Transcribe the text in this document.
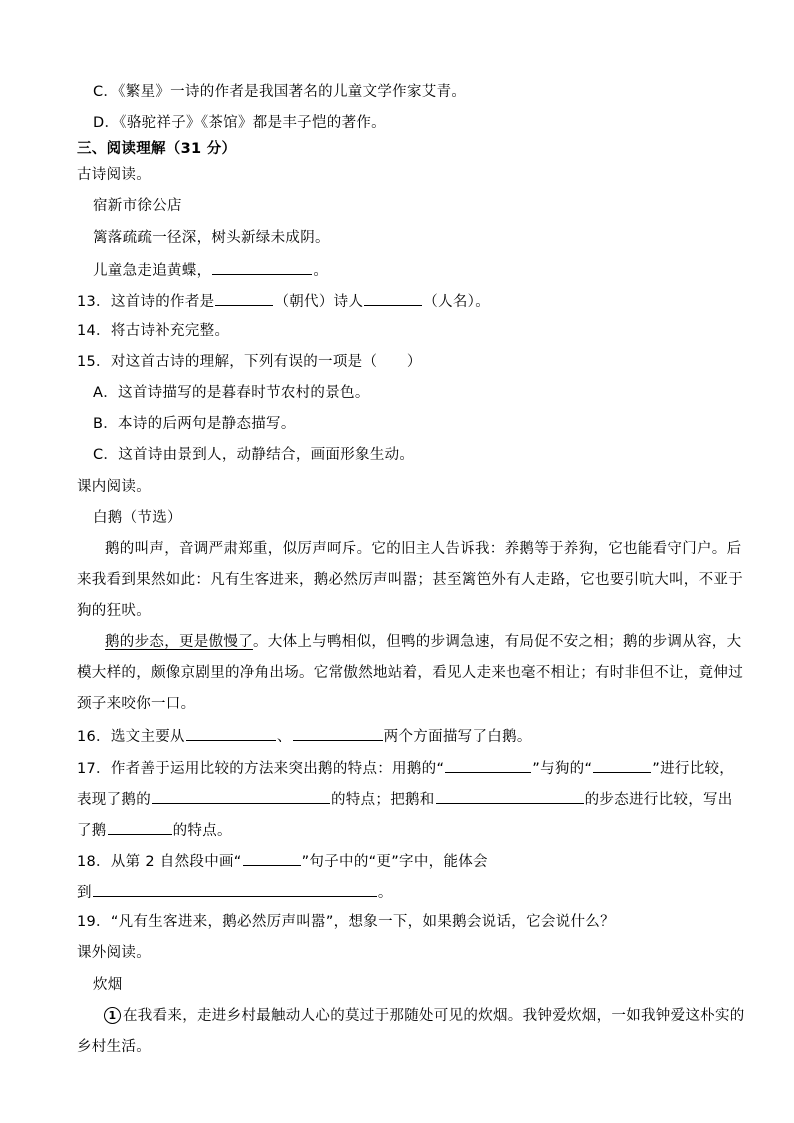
C．《繁星》一诗的作者是我国著名的儿童文学作家艾青。
D．《骆驼祥子》《茶馆》都是丰子恺的著作。
三、阅读理解（31 分）
古诗阅读。
宿新市徐公店
篱落疏疏一径深，树头新绿未成阴。
儿童急走追黄蝶，	。
13．这首诗的作者是	（朝代）诗人	（人名）。
14．将古诗补充完整。
15．对这首古诗的理解，下列有误的一项是（　　）
A．这首诗描写的是暮春时节农村的景色。
B．本诗的后两句是静态描写。
C．这首诗由景到人，动静结合，画面形象生动。
课内阅读。
白鹅（节选）
鹅的叫声，音调严肃郑重，似厉声呵斥。它的旧主人告诉我：养鹅等于养狗，它也能看守门户。后
来我看到果然如此：凡有生客进来，鹅必然厉声叫嚣；甚至篱笆外有人走路，它也要引吭大叫，不亚于
狗的狂吠。
鹅的步态，更是傲慢了。大体上与鸭相似，但鸭的步调急速，有局促不安之相；鹅的步调从容，大
模大样的，颇像京剧里的净角出场。它常傲然地站着，看见人走来也毫不相让；有时非但不让，竟伸过
颈子来咬你一口。
16．选文主要从	、	两个方面描写了白鹅。
17．作者善于运用比较的方法来突出鹅的特点：用鹅的“	”与狗的“	”进行比较，
表现了鹅的	的特点；把鹅和	的步态进行比较，写出
了鹅	的特点。
18．从第 2 自然段中画“	”句子中的“更”字中，能体会
到	。
19．“凡有生客进来，鹅必然厉声叫嚣”，想象一下，如果鹅会说话，它会说什么？
课外阅读。
炊烟
1 在我看来，走进乡村最触动人心的莫过于那随处可见的炊烟。我钟爱炊烟，一如我钟爱这朴实的
乡村生活。
